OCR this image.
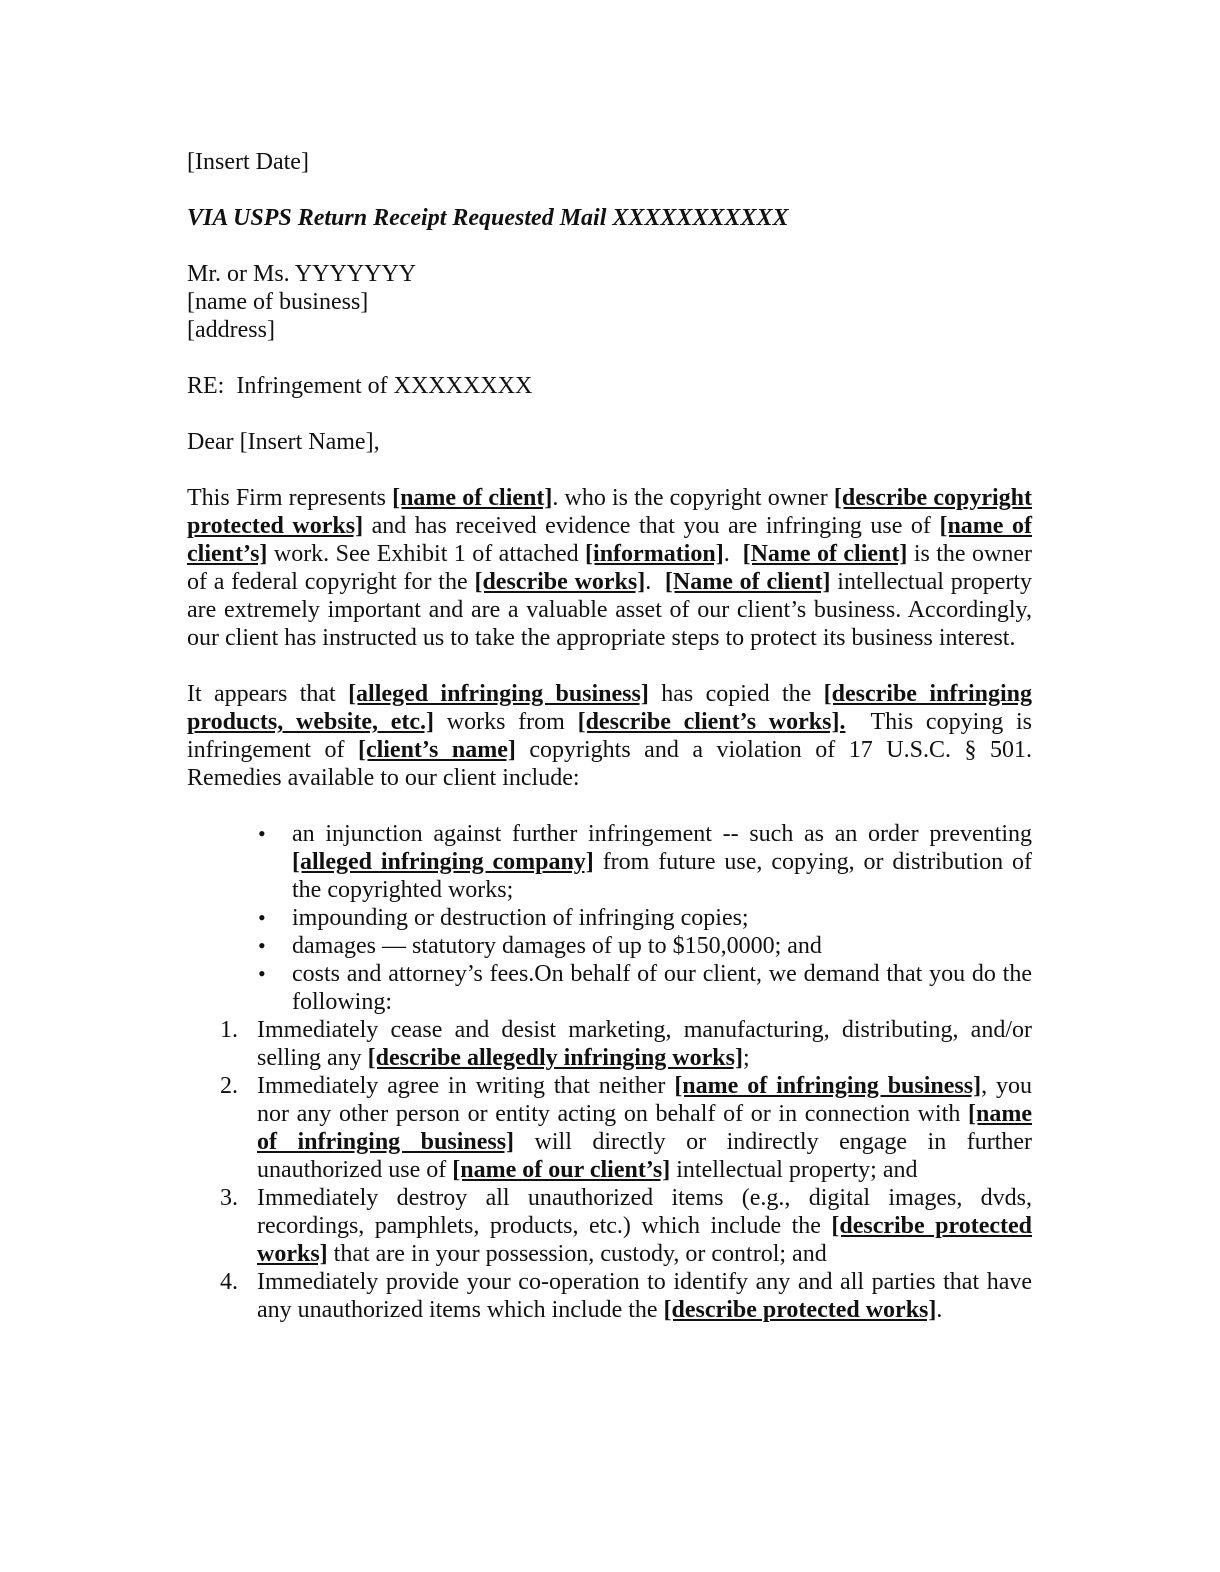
[Insert Date]

VIA USPS Return Receipt Requested Mail XXXXXXXXXXX

Mr. or Ms. YYYYYYY
[name of business]
[address]

RE:  Infringement of XXXXXXXX

Dear [Insert Name],

This Firm represents [name of client]. who is the copyright owner [describe copyright protected works] and has received evidence that you are infringing use of [name of client’s] work. See Exhibit 1 of attached [information].  [Name of client] is the owner of a federal copyright for the [describe works].  [Name of client] intellectual property are extremely important and are a valuable asset of our client’s business. Accordingly, our client has instructed us to take the appropriate steps to protect its business interest.

It appears that [alleged infringing business] has copied the [describe infringing products, website, etc.] works from [describe client’s works].  This copying is infringement of [client’s name] copyrights and a violation of 17 U.S.C. § 501. Remedies available to our client include:

• an injunction against further infringement -- such as an order preventing [alleged infringing company] from future use, copying, or distribution of the copyrighted works;
• impounding or destruction of infringing copies;
• damages — statutory damages of up to $150,0000; and
• costs and attorney’s fees.On behalf of our client, we demand that you do the following:
1. Immediately cease and desist marketing, manufacturing, distributing, and/or selling any [describe allegedly infringing works];
2. Immediately agree in writing that neither [name of infringing business], you nor any other person or entity acting on behalf of or in connection with [name of infringing business] will directly or indirectly engage in further unauthorized use of [name of our client’s] intellectual property; and
3. Immediately destroy all unauthorized items (e.g., digital images, dvds, recordings, pamphlets, products, etc.) which include the [describe protected works] that are in your possession, custody, or control; and
4. Immediately provide your co-operation to identify any and all parties that have any unauthorized items which include the [describe protected works].
